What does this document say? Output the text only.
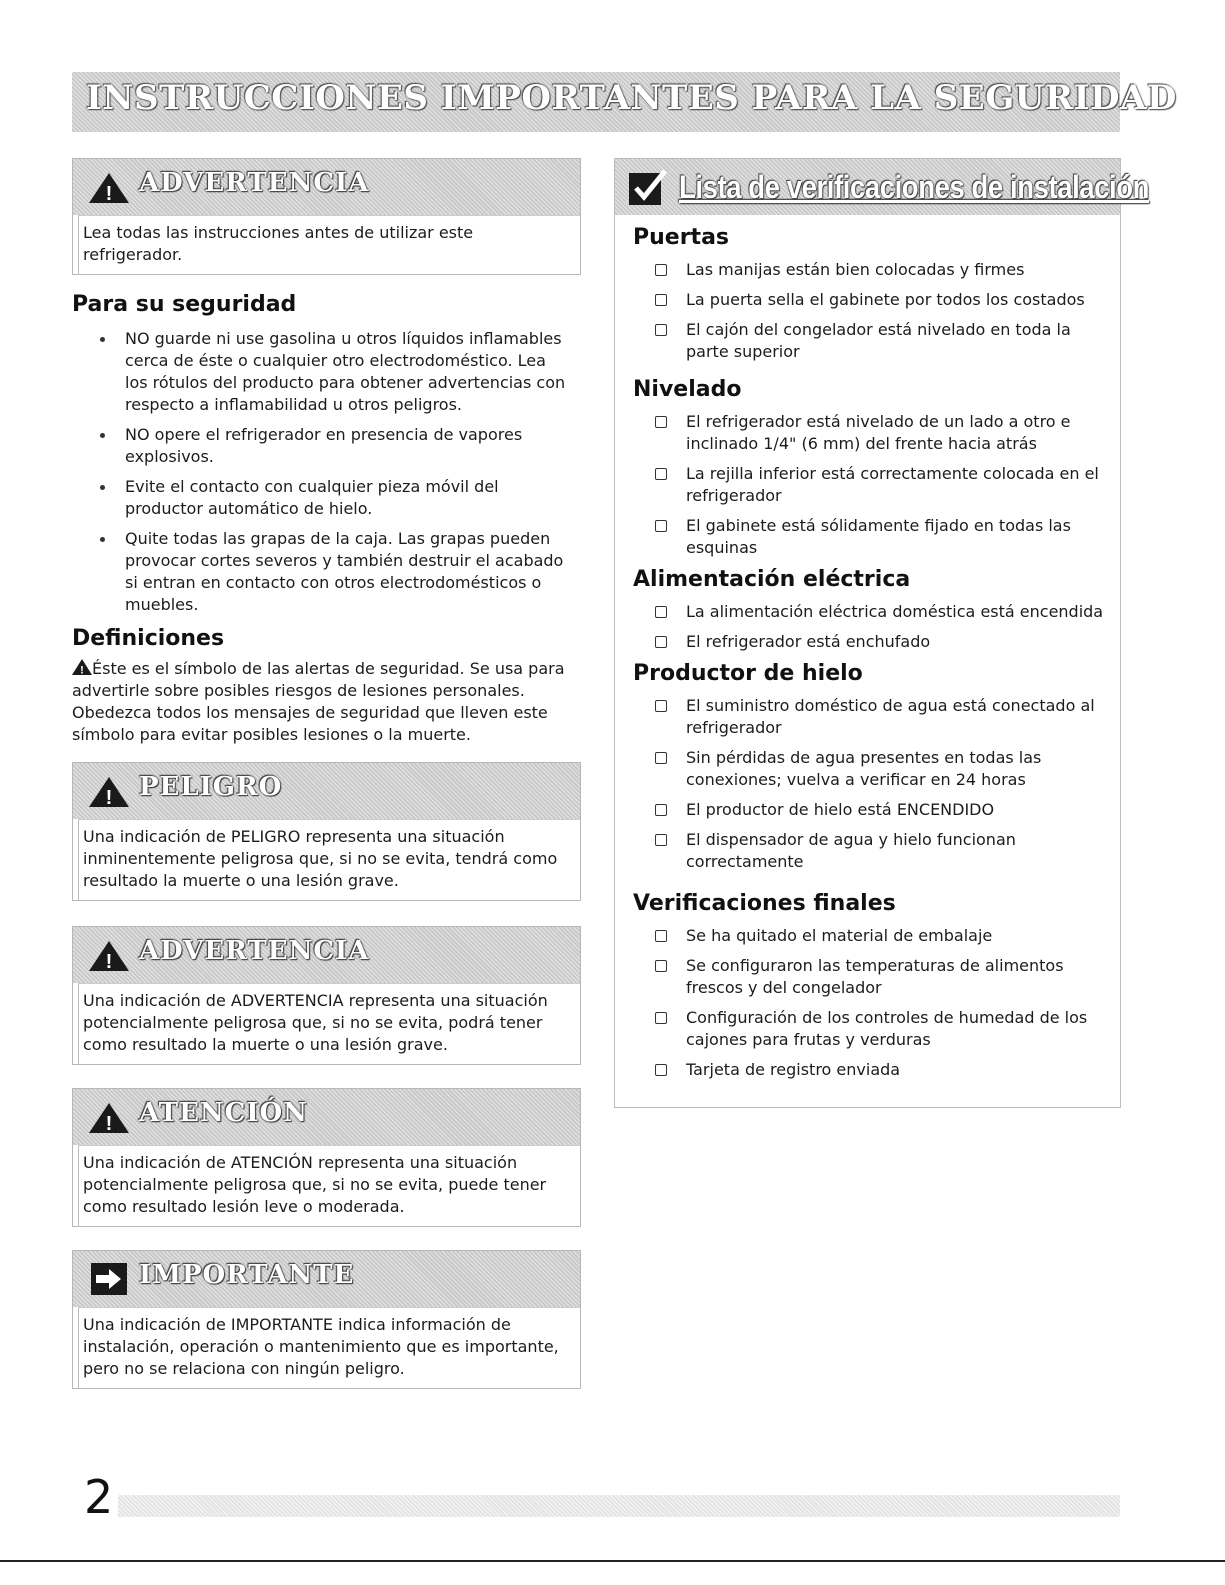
INSTRUCCIONES IMPORTANTES PARA LA SEGURIDAD
! ADVERTENCIA
Lea todas las instrucciones antes de utilizar este refrigerador.
Para su seguridad
NO guarde ni use gasolina u otros líquidos inflamables cerca de éste o cualquier otro electrodoméstico. Lea los rótulos del producto para obtener advertencias con respecto a inflamabilidad u otros peligros.
NO opere el refrigerador en presencia de vapores explosivos.
Evite el contacto con cualquier pieza móvil del productor automático de hielo.
Quite todas las grapas de la caja. Las grapas pueden provocar cortes severos y también destruir el acabado si entran en contacto con otros electrodomésticos o muebles.
Definiciones
! Éste es el símbolo de las alertas de seguridad. Se usa para advertirle sobre posibles riesgos de lesiones personales. Obedezca todos los mensajes de seguridad que lleven este símbolo para evitar posibles lesiones o la muerte.
! PELIGRO
Una indicación de PELIGRO representa una situación inminentemente peligrosa que, si no se evita, tendrá como resultado la muerte o una lesión grave.
! ADVERTENCIA
Una indicación de ADVERTENCIA representa una situación potencialmente peligrosa que, si no se evita, podrá tener como resultado la muerte o una lesión grave.
! ATENCIÓN
Una indicación de ATENCIÓN representa una situación potencialmente peligrosa que, si no se evita, puede tener como resultado lesión leve o moderada.
IMPORTANTE
Una indicación de IMPORTANTE indica información de instalación, operación o mantenimiento que es importante, pero no se relaciona con ningún peligro.
Lista de verificaciones de instalación
Puertas
Las manijas están bien colocadas y firmes
La puerta sella el gabinete por todos los costados
El cajón del congelador está nivelado en toda la parte superior
Nivelado
El refrigerador está nivelado de un lado a otro e inclinado 1/4" (6 mm) del frente hacia atrás
La rejilla inferior está correctamente colocada en el refrigerador
El gabinete está sólidamente fijado en todas las esquinas
Alimentación eléctrica
La alimentación eléctrica doméstica está encendida
El refrigerador está enchufado
Productor de hielo
El suministro doméstico de agua está conectado al refrigerador
Sin pérdidas de agua presentes en todas las conexiones; vuelva a verificar en 24 horas
El productor de hielo está ENCENDIDO
El dispensador de agua y hielo funcionan correctamente
Verificaciones finales
Se ha quitado el material de embalaje
Se configuraron las temperaturas de alimentos frescos y del congelador
Configuración de los controles de humedad de los cajones para frutas y verduras
Tarjeta de registro enviada
2
